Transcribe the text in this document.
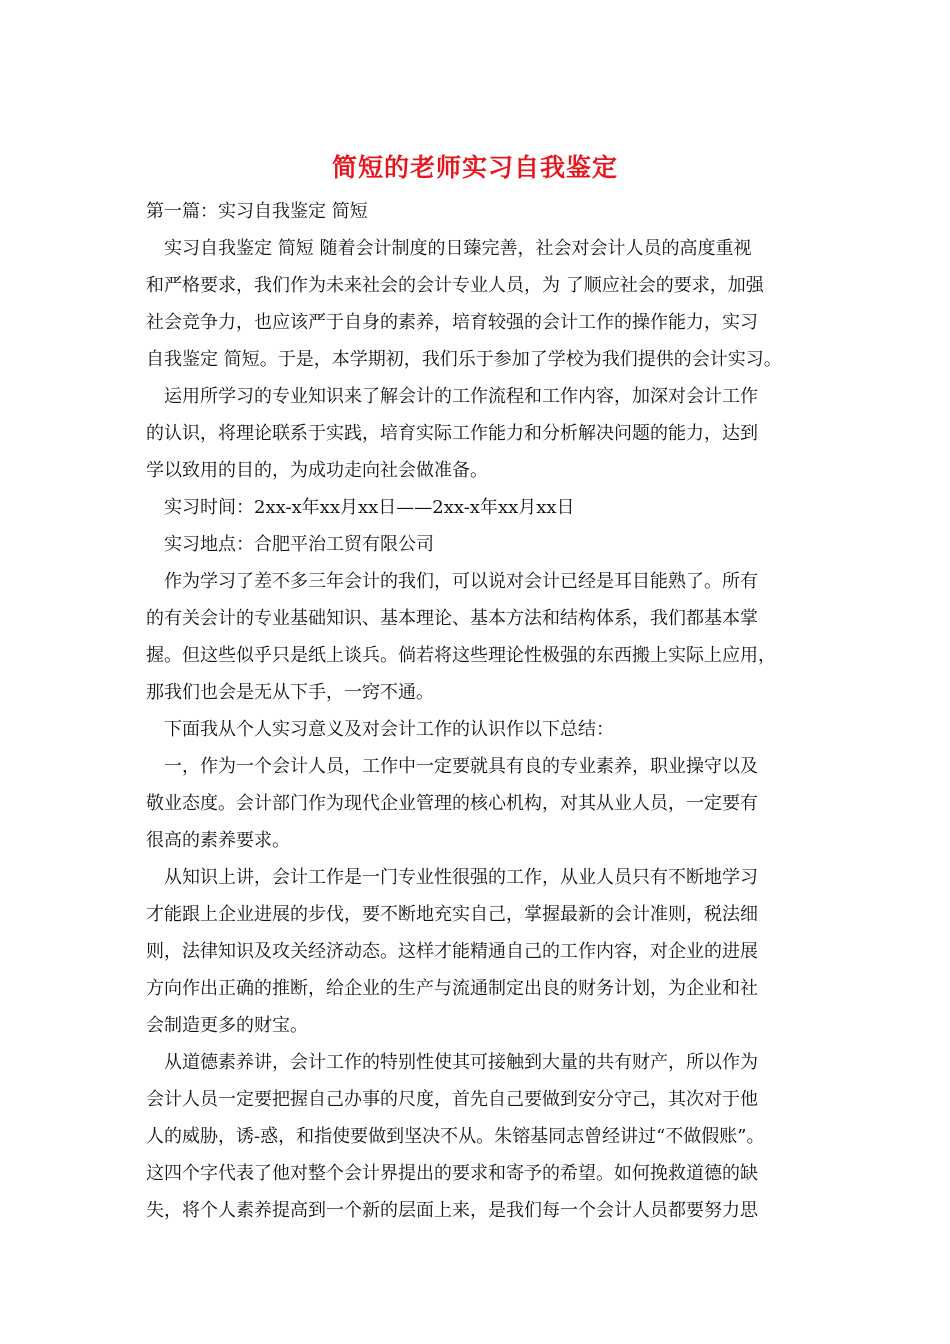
简短的老师实习自我鉴定
第一篇：实习自我鉴定 简短
实习自我鉴定 简短 随着会计制度的日臻完善，社会对会计人员的高度重视
和严格要求，我们作为未来社会的会计专业人员，为 了顺应社会的要求，加强
社会竞争力，也应该严于自身的素养，培育较强的会计工作的操作能力，实习
自我鉴定 简短。于是，本学期初，我们乐于参加了学校为我们提供的会计实习。
运用所学习的专业知识来了解会计的工作流程和工作内容，加深对会计工作
的认识，将理论联系于实践，培育实际工作能力和分析解决问题的能力，达到
学以致用的目的，为成功走向社会做准备。
实习时间：2xx-x年xx月xx日——2xx-x年xx月xx日
实习地点：合肥平治工贸有限公司
作为学习了差不多三年会计的我们，可以说对会计已经是耳目能熟了。所有
的有关会计的专业基础知识、基本理论、基本方法和结构体系，我们都基本掌
握。但这些似乎只是纸上谈兵。倘若将这些理论性极强的东西搬上实际上应用，
那我们也会是无从下手，一窍不通。
下面我从个人实习意义及对会计工作的认识作以下总结：
一，作为一个会计人员，工作中一定要就具有良的专业素养，职业操守以及
敬业态度。会计部门作为现代企业管理的核心机构，对其从业人员，一定要有
很高的素养要求。
从知识上讲，会计工作是一门专业性很强的工作，从业人员只有不断地学习
才能跟上企业进展的步伐，要不断地充实自己，掌握最新的会计准则，税法细
则，法律知识及攻关经济动态。这样才能精通自己的工作内容，对企业的进展
方向作出正确的推断，给企业的生产与流通制定出良的财务计划，为企业和社
会制造更多的财宝。
从道德素养讲，会计工作的特别性使其可接触到大量的共有财产，所以作为
会计人员一定要把握自己办事的尺度，首先自己要做到安分守己，其次对于他
人的威胁，诱-惑，和指使要做到坚决不从。朱镕基同志曾经讲过“不做假账”。
这四个字代表了他对整个会计界提出的要求和寄予的希望。如何挽救道德的缺
失，将个人素养提高到一个新的层面上来，是我们每一个会计人员都要努力思
